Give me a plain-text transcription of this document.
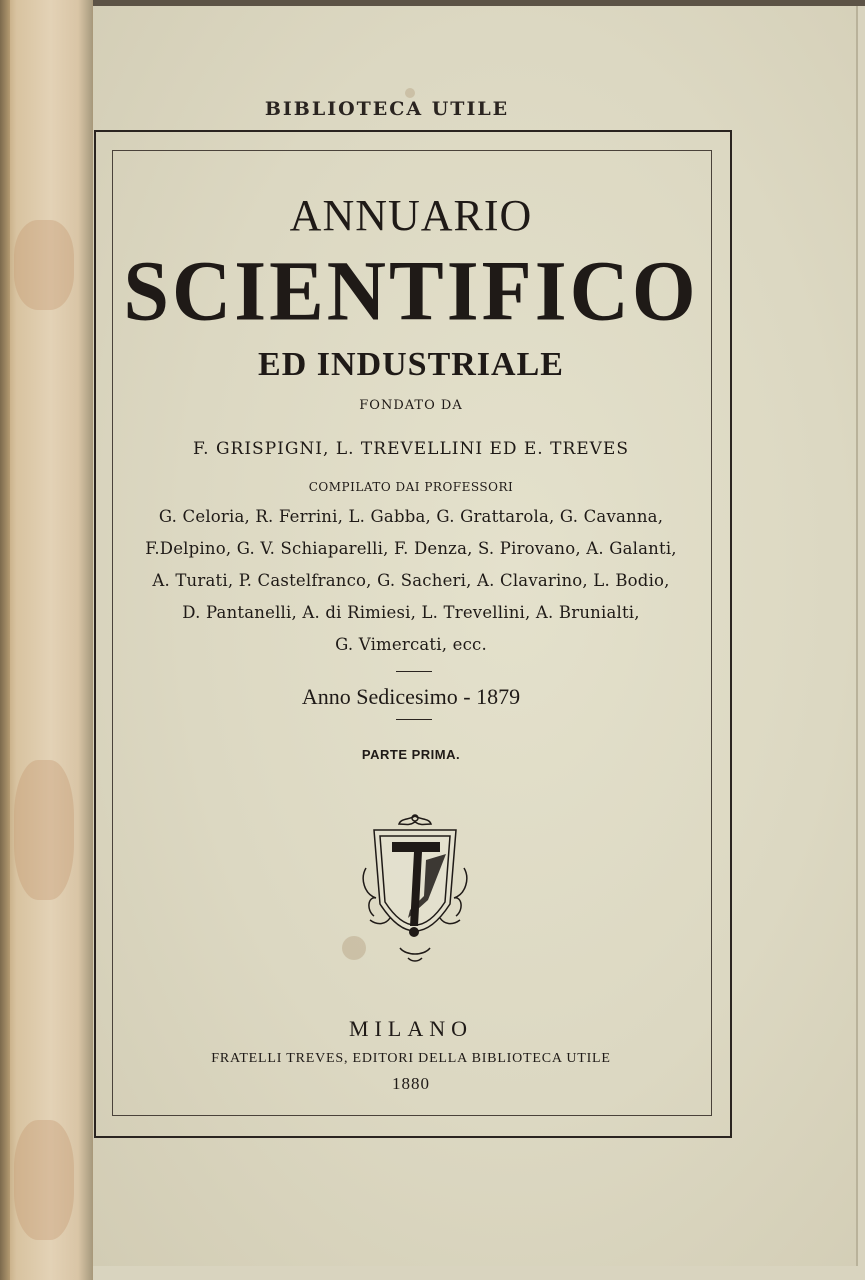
BIBLIOTECA UTILE
ANNUARIO
SCIENTIFICO
ED INDUSTRIALE
FONDATO DA
F. GRISPIGNI, L. TREVELLINI ED E. TREVES
COMPILATO DAI PROFESSORI
G. Celoria, R. Ferrini, L. Gabba, G. Grattarola, G. Cavanna,
F.Delpino, G. V. Schiaparelli, F. Denza, S. Pirovano, A. Galanti,
A. Turati, P. Castelfranco, G. Sacheri, A. Clavarino, L. Bodio,
D. Pantanelli, A. di Rimiesi, L. Trevellini, A. Brunialti,
G. Vimercati, ecc.
Anno Sedicesimo - 1879
PARTE PRIMA.
MILANO
FRATELLI TREVES, EDITORI DELLA BIBLIOTECA UTILE
1880
